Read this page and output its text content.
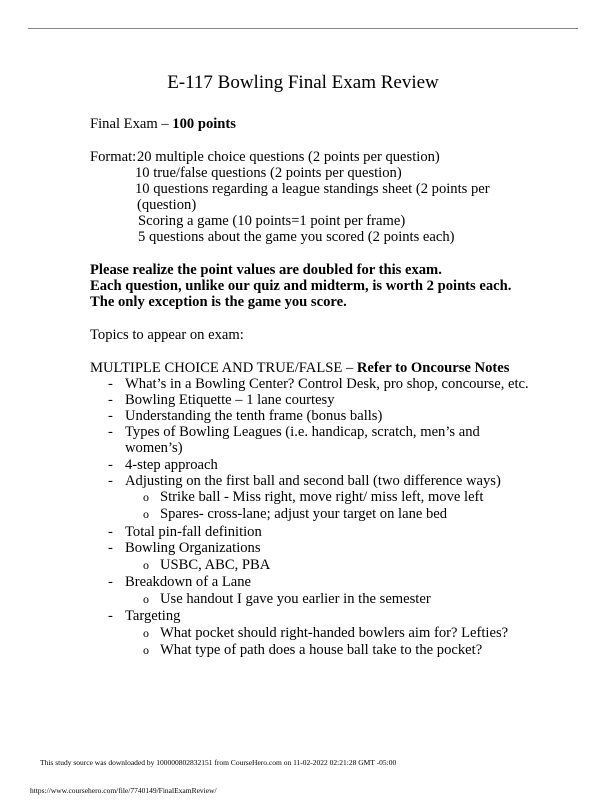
E-117 Bowling Final Exam Review
Final Exam – 100 points
Format: 20 multiple choice questions (2 points per question)
10 true/false questions (2 points per question)
10 questions regarding a league standings sheet (2 points per
(question)
Scoring a game (10 points=1 point per frame)
5 questions about the game you scored (2 points each)
Please realize the point values are doubled for this exam.
Each question, unlike our quiz and midterm, is worth 2 points each.
The only exception is the game you score.
Topics to appear on exam:
MULTIPLE CHOICE AND TRUE/FALSE – Refer to Oncourse Notes
- What’s in a Bowling Center? Control Desk, pro shop, concourse, etc.
- Bowling Etiquette – 1 lane courtesy
- Understanding the tenth frame (bonus balls)
- Types of Bowling Leagues (i.e. handicap, scratch, men’s and
women’s)
- 4-step approach
- Adjusting on the first ball and second ball (two difference ways)
o Strike ball - Miss right, move right/ miss left, move left
o Spares- cross-lane; adjust your target on lane bed
- Total pin-fall definition
- Bowling Organizations
o USBC, ABC, PBA
- Breakdown of a Lane
o Use handout I gave you earlier in the semester
- Targeting
o What pocket should right-handed bowlers aim for? Lefties?
o What type of path does a house ball take to the pocket?
This study source was downloaded by 100000802832151 from CourseHero.com on 11-02-2022 02:21:28 GMT -05:00
https://www.coursehero.com/file/7740149/FinalExamReview/
